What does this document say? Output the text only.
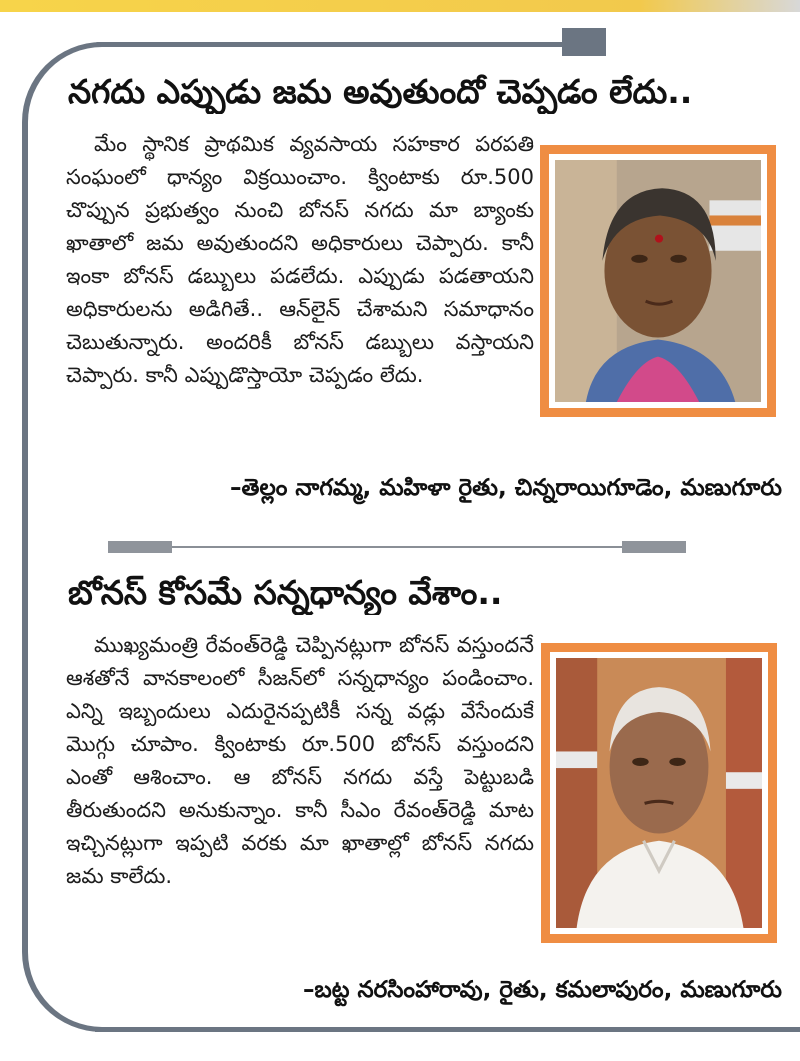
నగదు ఎప్పుడు జమ అవుతుందో చెప్పడం లేదు..

మేం స్థానిక ప్రాథమిక వ్యవసాయ సహకార పరపతి సంఘంలో ధాన్యం విక్రయించాం. క్వింటాకు రూ.500 చొప్పున ప్రభుత్వం నుంచి బోనస్ నగదు మా బ్యాంకు ఖాతాలో జమ అవుతుందని అధికారులు చెప్పారు. కానీ ఇంకా బోనస్ డబ్బులు పడలేదు. ఎప్పుడు పడతాయని అధికారులను అడిగితే.. ఆన్‌లైన్ చేశామని సమాధానం చెబుతున్నారు. అందరికీ బోనస్ డబ్బులు వస్తాయని చెప్పారు. కానీ ఎప్పుడొస్తాయో చెప్పడం లేదు.

–తెల్లం నాగమ్మ, మహిళా రైతు, చిన్నరాయిగూడెం, మణుగూరు

బోనస్ కోసమే సన్నధాన్యం వేశాం..

ముఖ్యమంత్రి రేవంత్‌రెడ్డి చెప్పినట్లుగా బోనస్ వస్తుందనే ఆశతోనే వానకాలంలో సీజన్‌లో సన్నధాన్యం పండించాం. ఎన్ని ఇబ్బందులు ఎదురైనప్పటికీ సన్న వడ్లు వేసేందుకే మొగ్గు చూపాం. క్వింటాకు రూ.500 బోనస్ వస్తుందని ఎంతో ఆశించాం. ఆ బోనస్ నగదు వస్తే పెట్టుబడి తీరుతుందని అనుకున్నాం. కానీ సీఎం రేవంత్‌రెడ్డి మాట ఇచ్చినట్లుగా ఇప్పటి వరకు మా ఖాతాల్లో బోనస్ నగదు జమ కాలేదు.

–బట్ట నరసింహారావు, రైతు, కమలాపురం, మణుగూరు
